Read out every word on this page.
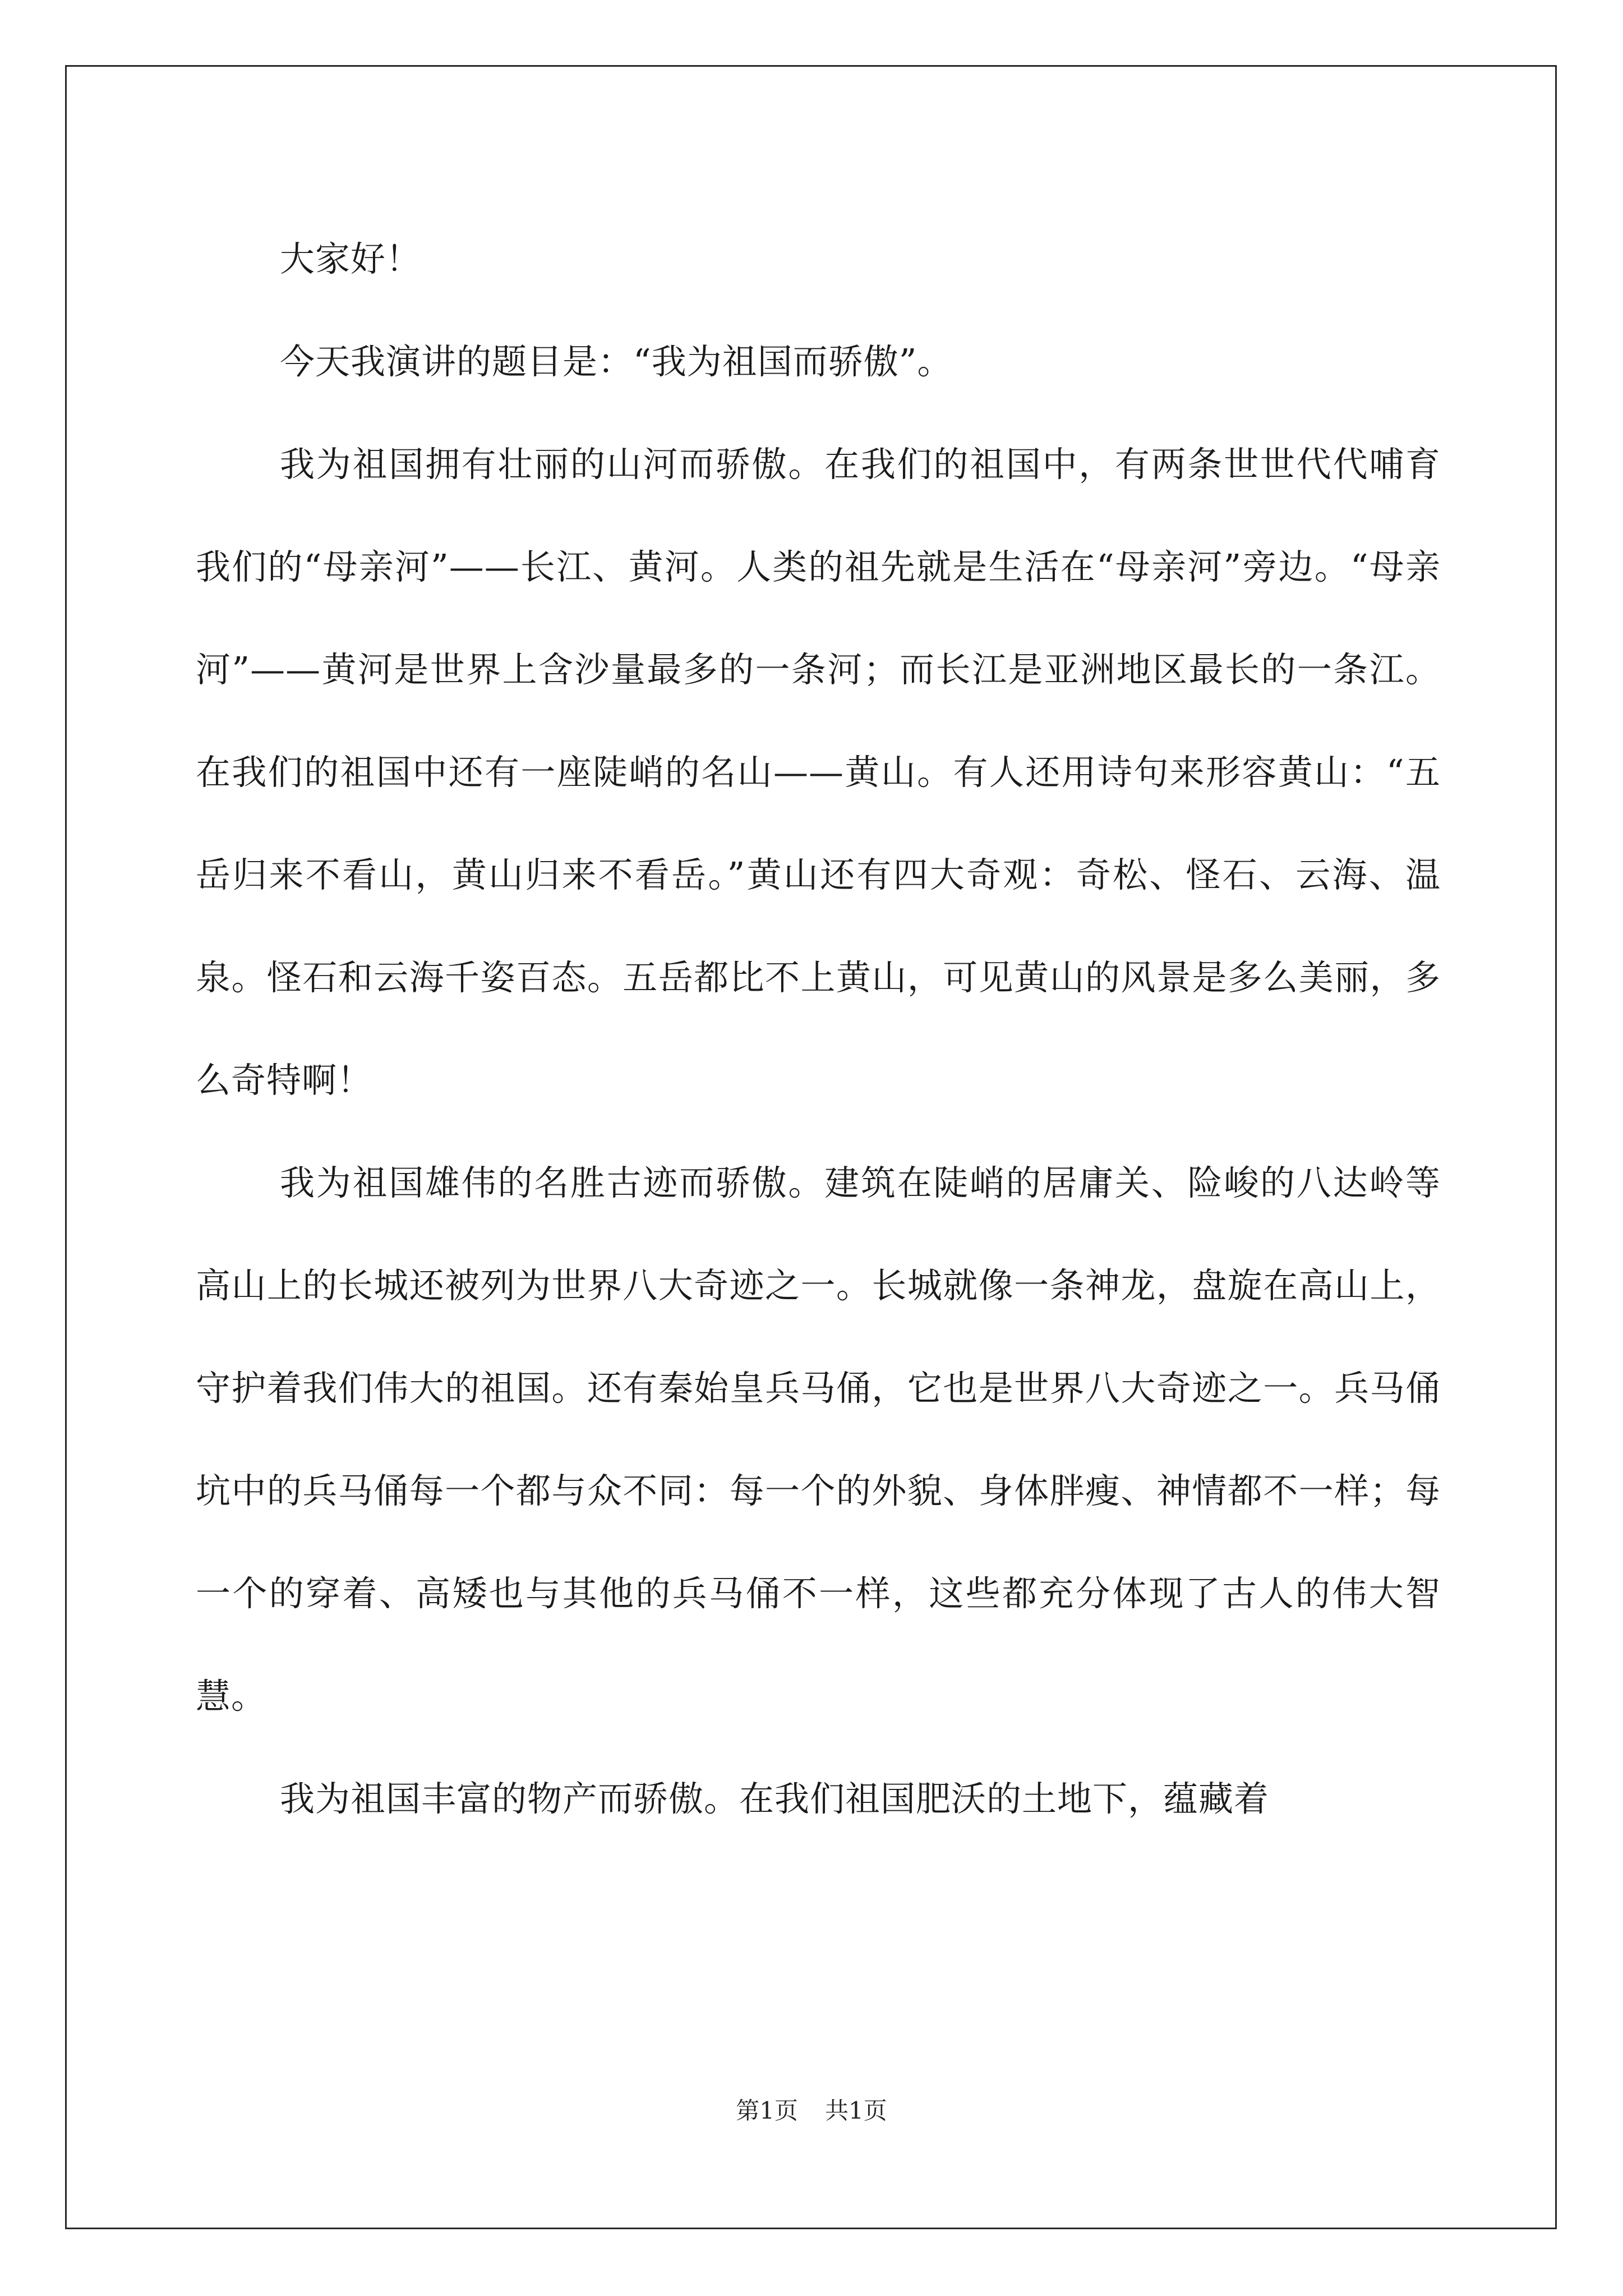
大家好！

今天我演讲的题目是：“我为祖国而骄傲”。

我为祖国拥有壮丽的山河而骄傲。在我们的祖国中，有两条世世代代哺育我们的“母亲河”——长江、黄河。人类的祖先就是生活在“母亲河”旁边。“母亲河”——黄河是世界上含沙量最多的一条河；而长江是亚洲地区最长的一条江。在我们的祖国中还有一座陡峭的名山——黄山。有人还用诗句来形容黄山：“五岳归来不看山，黄山归来不看岳。”黄山还有四大奇观：奇松、怪石、云海、温泉。怪石和云海千姿百态。五岳都比不上黄山，可见黄山的风景是多么美丽，多么奇特啊！

我为祖国雄伟的名胜古迹而骄傲。建筑在陡峭的居庸关、险峻的八达岭等高山上的长城还被列为世界八大奇迹之一。长城就像一条神龙，盘旋在高山上，守护着我们伟大的祖国。还有秦始皇兵马俑，它也是世界八大奇迹之一。兵马俑坑中的兵马俑每一个都与众不同：每一个的外貌、身体胖瘦、神情都不一样；每一个的穿着、高矮也与其他的兵马俑不一样，这些都充分体现了古人的伟大智慧。

我为祖国丰富的物产而骄傲。在我们祖国肥沃的土地下，蕴藏着

第1页 共1页
